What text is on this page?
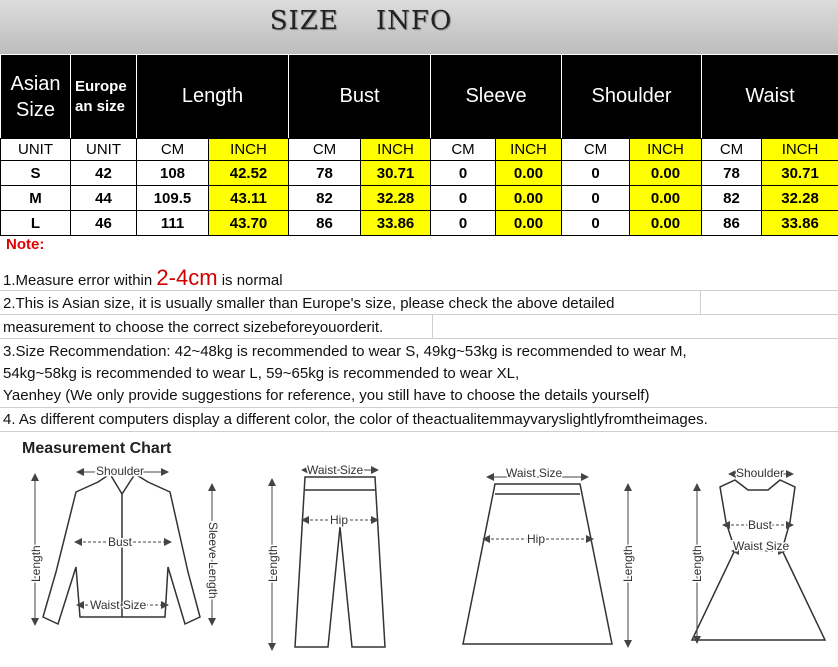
SIZE    INFO
Asian Size	Europe an size	Length		Bust		Sleeve		Shoulder		Waist	
UNIT	UNIT	CM	INCH	CM	INCH	CM	INCH	CM	INCH	CM	INCH
S	42	108	42.52	78	30.71	0	0.00	0	0.00	78	30.71
M	44	109.5	43.11	82	32.28	0	0.00	0	0.00	82	32.28
L	46	111	43.70	86	33.86	0	0.00	0	0.00	86	33.86
Note:
1.Measure error within 2-4cm is normal
2.This is Asian size, it is usually smaller than Europe's size, please check the above detailed
measurement to choose the correct sizebeforeyouorderit.
3.Size Recommendation: 42~48kg is recommended to wear S, 49kg~53kg is recommended to wear M,
54kg~58kg is recommended to wear L, 59~65kg is recommended to wear XL,
Yaenhey (We only provide suggestions for reference, you still have to choose the details yourself)
4. As different computers display a different color, the color of theactualitemmayvaryslightlyfromtheimages.
Measurement Chart
Shoulder
Bust
Waist Size
Length	Sleeve Length
Waist Size
Hip
Length
Waist Size
Hip
Length
Shoulder
Bust
Waist Size
Length
